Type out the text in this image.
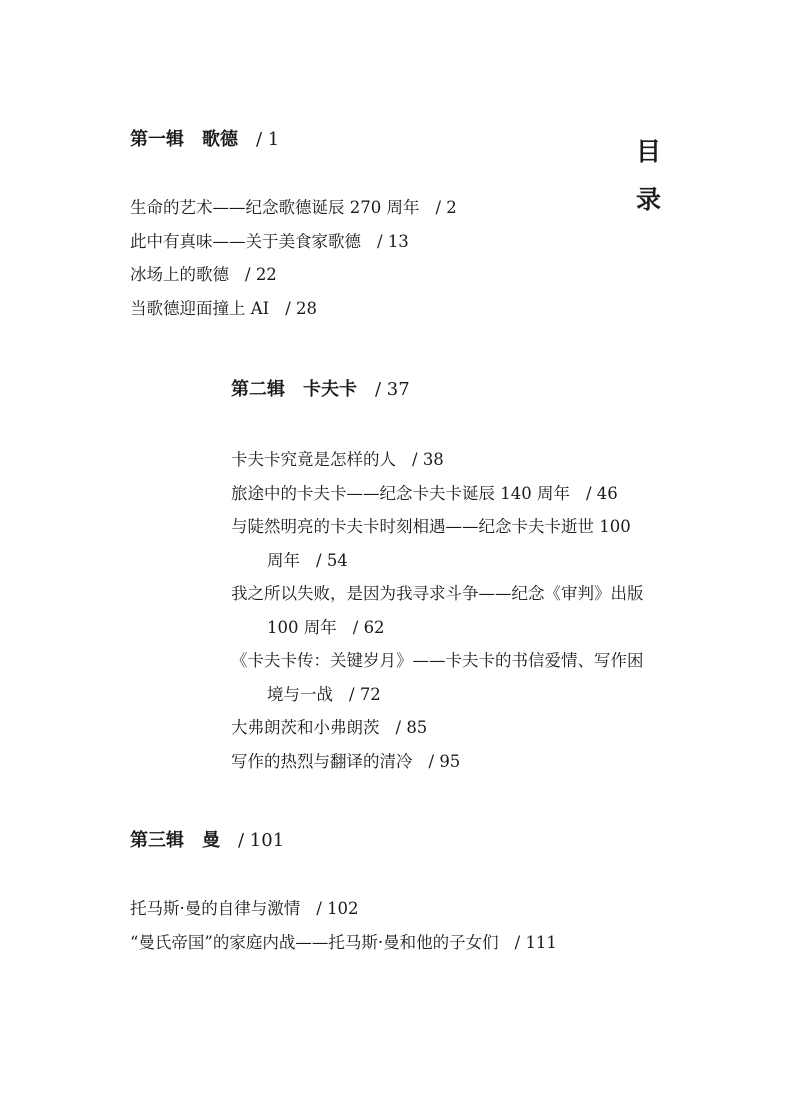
目
录
第一辑 歌德 / 1
生命的艺术——纪念歌德诞辰 270 周年 / 2
此中有真味——关于美食家歌德 / 13
冰场上的歌德 / 22
当歌德迎面撞上 AI / 28
第二辑 卡夫卡 / 37
卡夫卡究竟是怎样的人 / 38
旅途中的卡夫卡——纪念卡夫卡诞辰 140 周年 / 46
与陡然明亮的卡夫卡时刻相遇——纪念卡夫卡逝世 100
周年 / 54
我之所以失败，是因为我寻求斗争——纪念《审判》出版
100 周年 / 62
《卡夫卡传：关键岁月》——卡夫卡的书信爱情、写作困
境与一战 / 72
大弗朗茨和小弗朗茨 / 85
写作的热烈与翻译的清冷 / 95
第三辑 曼 / 101
托马斯·曼的自律与激情 / 102
“曼氏帝国”的家庭内战——托马斯·曼和他的子女们 / 111
